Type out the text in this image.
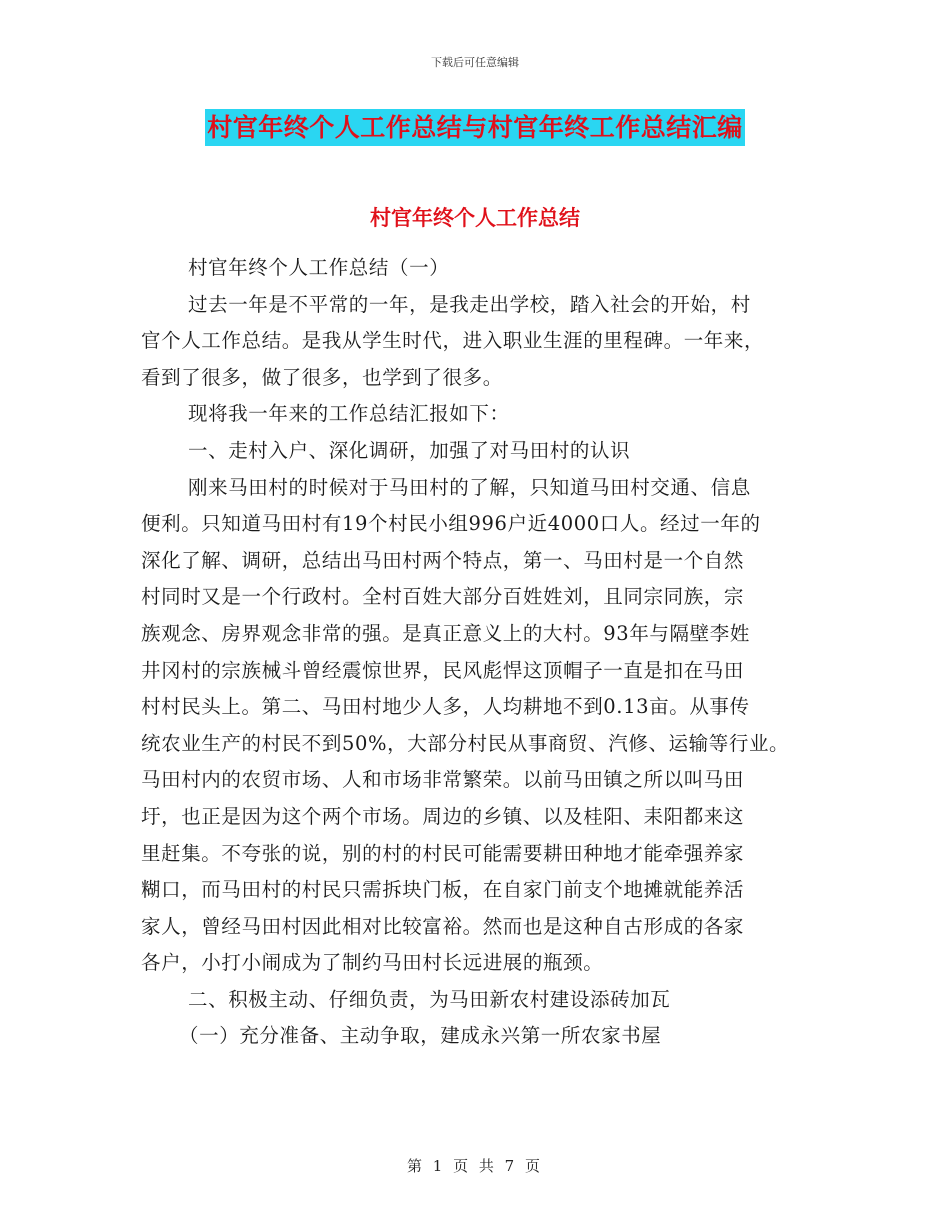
下载后可任意编辑
村官年终个人工作总结与村官年终工作总结汇编
村官年终个人工作总结
村官年终个人工作总结（一）
过去一年是不平常的一年，是我走出学校，踏入社会的开始，村
官个人工作总结。是我从学生时代，进入职业生涯的里程碑。一年来，
看到了很多，做了很多，也学到了很多。
现将我一年来的工作总结汇报如下：
一、走村入户、深化调研，加强了对马田村的认识
刚来马田村的时候对于马田村的了解，只知道马田村交通、信息
便利。只知道马田村有19个村民小组996户近4000口人。经过一年的
深化了解、调研，总结出马田村两个特点，第一、马田村是一个自然
村同时又是一个行政村。全村百姓大部分百姓姓刘，且同宗同族，宗
族观念、房界观念非常的强。是真正意义上的大村。93年与隔壁李姓
井冈村的宗族械斗曾经震惊世界，民风彪悍这顶帽子一直是扣在马田
村村民头上。第二、马田村地少人多，人均耕地不到0.13亩。从事传
统农业生产的村民不到50%，大部分村民从事商贸、汽修、运输等行业。
马田村内的农贸市场、人和市场非常繁荣。以前马田镇之所以叫马田
圩，也正是因为这个两个市场。周边的乡镇、以及桂阳、耒阳都来这
里赶集。不夸张的说，别的村的村民可能需要耕田种地才能牵强养家
糊口，而马田村的村民只需拆块门板，在自家门前支个地摊就能养活
家人，曾经马田村因此相对比较富裕。然而也是这种自古形成的各家
各户，小打小闹成为了制约马田村长远进展的瓶颈。
二、积极主动、仔细负责，为马田新农村建设添砖加瓦
（一）充分准备、主动争取，建成永兴第一所农家书屋
第 1 页 共 7 页
